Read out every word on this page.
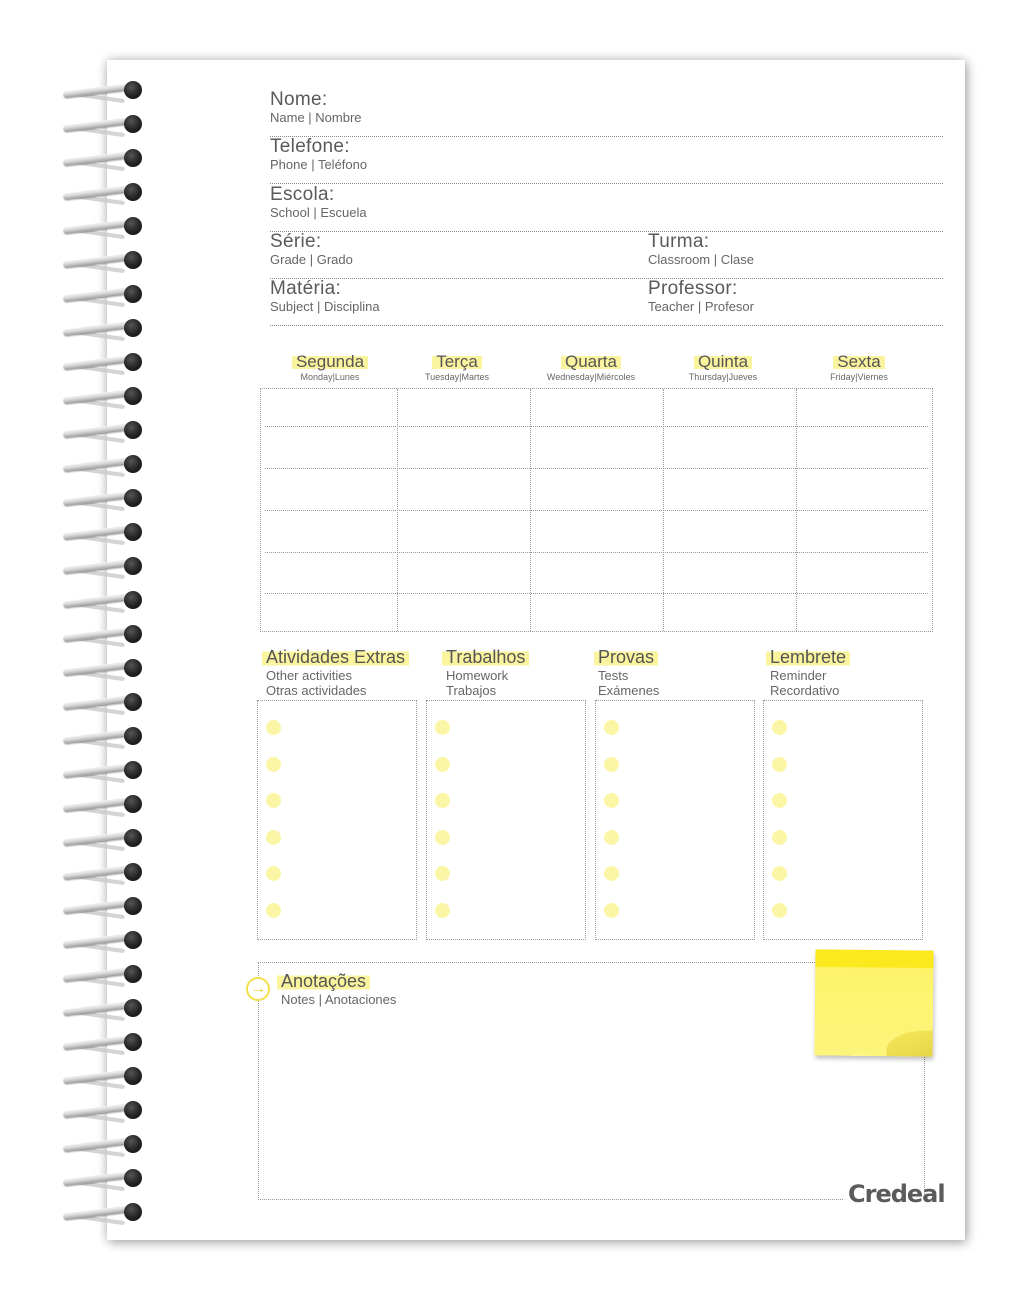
Nome:
Name | Nombre
Telefone:
Phone | Teléfono
Escola:
School | Escuela
Série:
Grade | Grado
Turma:
Classroom | Clase
Matéria:
Subject | Disciplina
Professor:
Teacher | Profesor
Segunda
Monday|Lunes
Terça
Tuesday|Martes
Quarta
Wednesday|Miércoles
Quinta
Thursday|Jueves
Sexta
Friday|Viernes
Atividades Extras
Other activities
Otras actividades
Trabalhos
Homework
Trabajos
Provas
Tests
Exámenes
Lembrete
Reminder
Recordativo
→ Anotações
Notes | Anotaciones
Credeal
